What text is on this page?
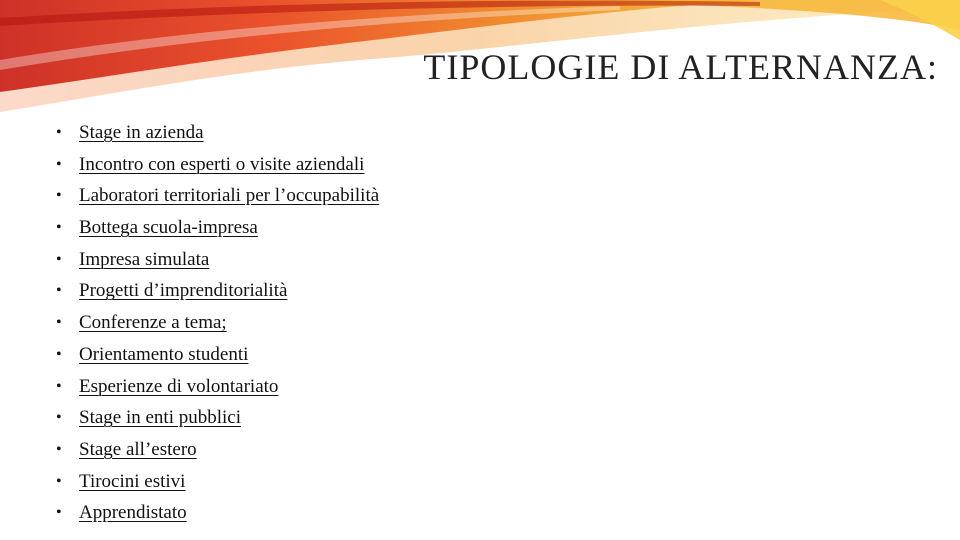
TIPOLOGIE DI ALTERNANZA:
• Stage in azienda
• Incontro con esperti o visite aziendali
• Laboratori territoriali per l’occupabilità
• Bottega scuola-impresa
• Impresa simulata
• Progetti d’imprenditorialità
• Conferenze a tema;
• Orientamento studenti
• Esperienze di volontariato
• Stage in enti pubblici
• Stage all’estero
• Tirocini estivi
• Apprendistato
